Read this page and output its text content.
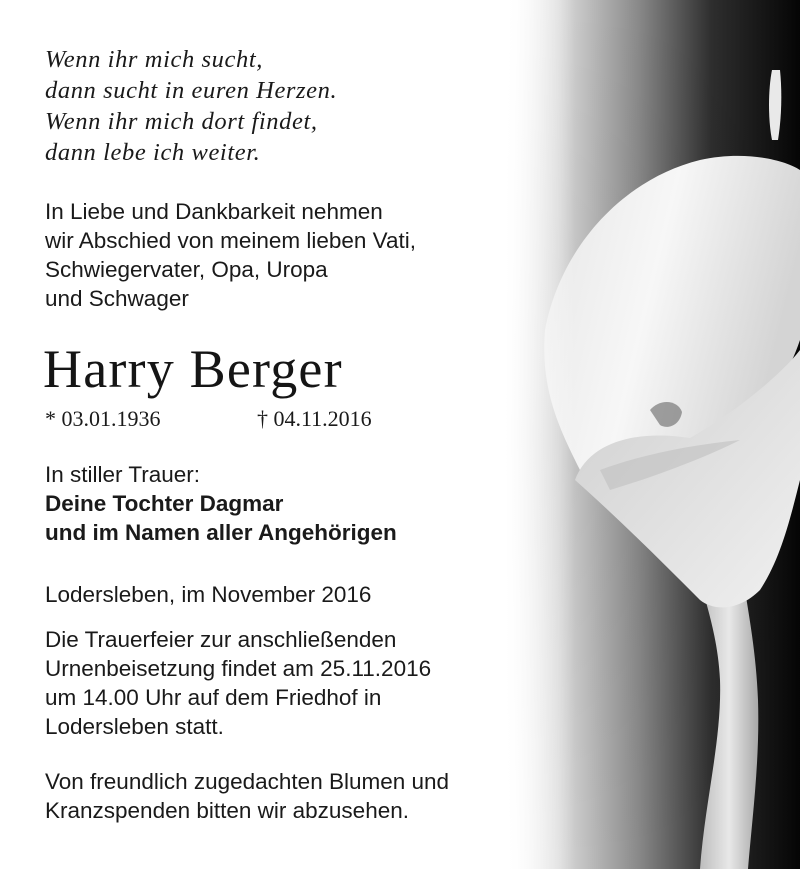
Wenn ihr mich sucht,
dann sucht in euren Herzen.
Wenn ihr mich dort findet,
dann lebe ich weiter.
In Liebe und Dankbarkeit nehmen
wir Abschied von meinem lieben Vati,
Schwiegervater, Opa, Uropa
und Schwager
Harry Berger
* 03.01.1936	† 04.11.2016
In stiller Trauer:
Deine Tochter Dagmar
und im Namen aller Angehörigen
Lodersleben, im November 2016
Die Trauerfeier zur anschließenden
Urnenbeisetzung findet am 25.11.2016
um 14.00 Uhr auf dem Friedhof in
Lodersleben statt.
Von freundlich zugedachten Blumen und
Kranzspenden bitten wir abzusehen.
